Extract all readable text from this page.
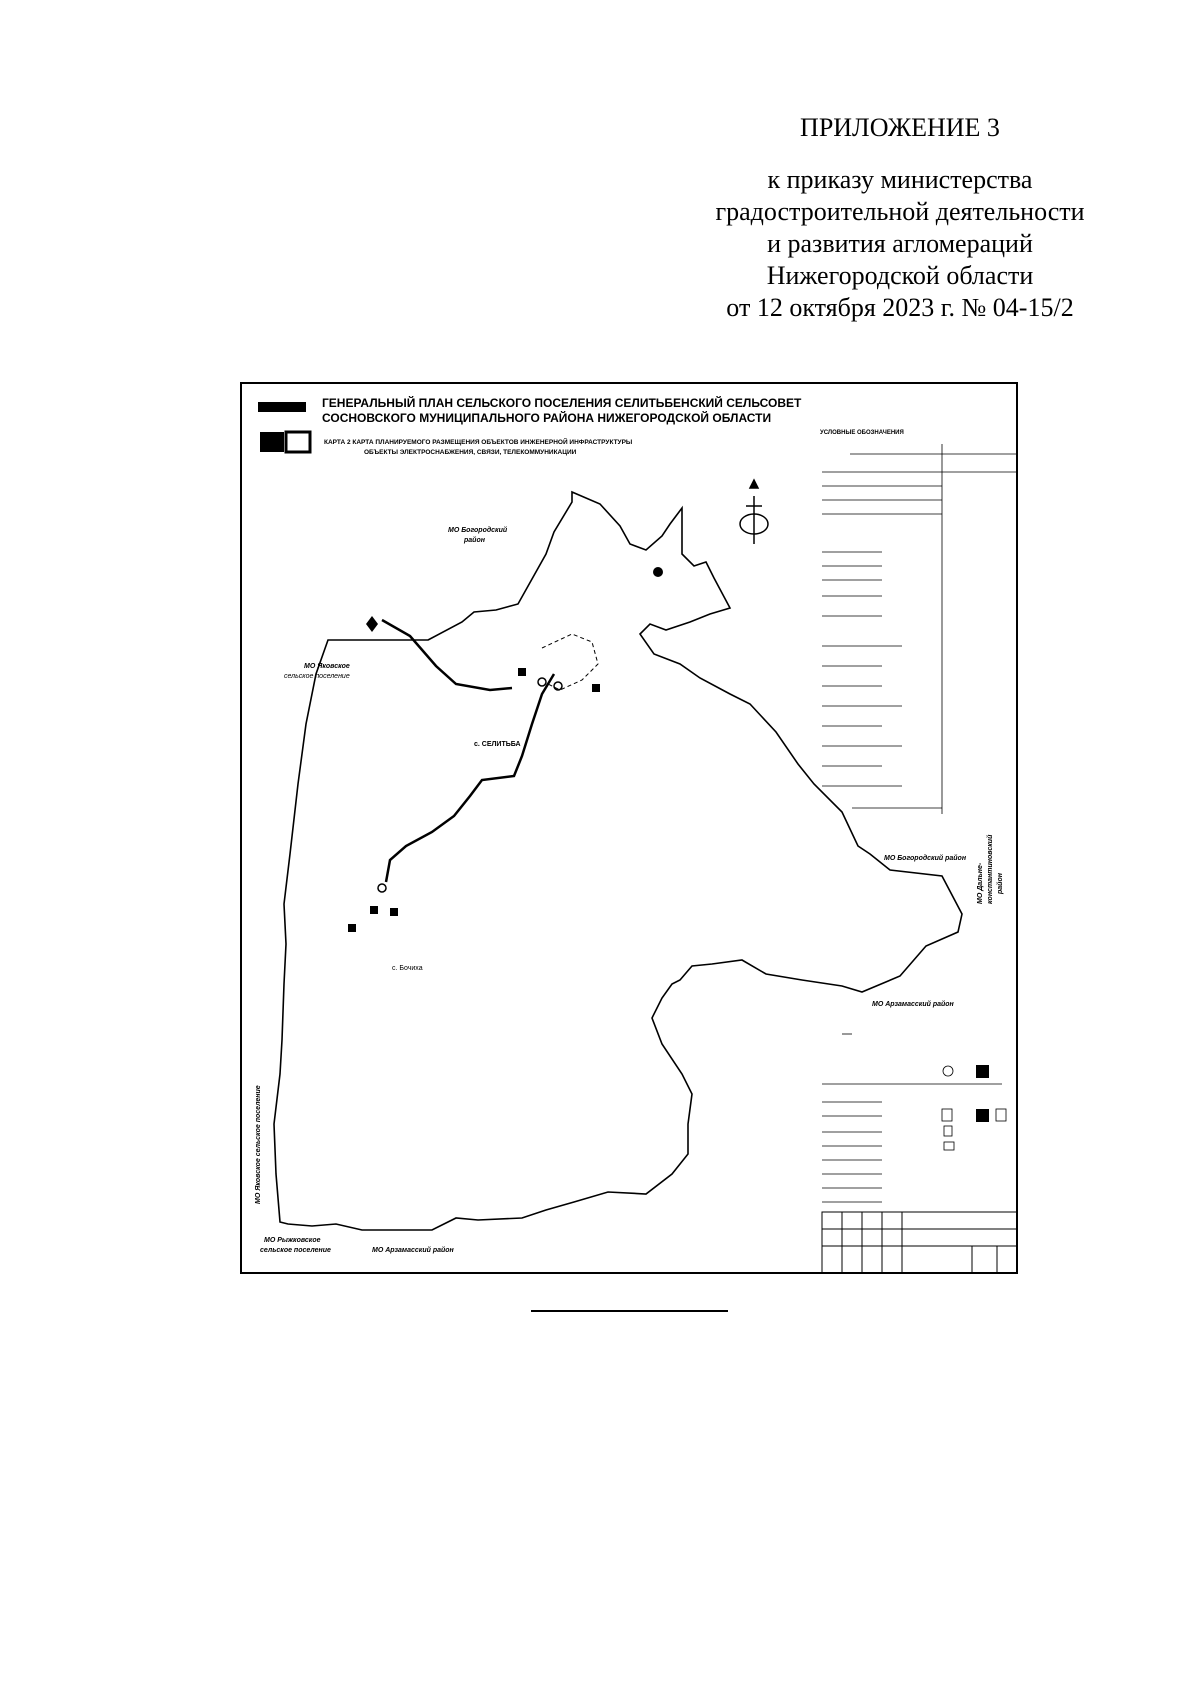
ПРИЛОЖЕНИЕ 3
к приказу министерства
градостроительной деятельности
и развития агломераций
Нижегородской области
от 12 октября 2023 г. № 04-15/2
ГЕНЕРАЛЬНЫЙ ПЛАН СЕЛЬСКОГО ПОСЕЛЕНИЯ СЕЛИТЬБЕНСКИЙ СЕЛЬСОВЕТ
СОСНОВСКОГО МУНИЦИПАЛЬНОГО РАЙОНА НИЖЕГОРОДСКОЙ ОБЛАСТИ
КАРТА 2 КАРТА ПЛАНИРУЕМОГО РАЗМЕЩЕНИЯ ОБЪЕКТОВ ИНЖЕНЕРНОЙ ИНФРАСТРУКТУРЫ
ОБЪЕКТЫ ЭЛЕКТРОСНАБЖЕНИЯ, СВЯЗИ, ТЕЛЕКОММУНИКАЦИИ
УСЛОВНЫЕ ОБОЗНАЧЕНИЯ
МО Богородский
район
МО Яковское
сельское поселение
с. СЕЛИТЬБА
МО Богородский район
МО Дальне- константиновский район
МО Арзамасский район
с. Бочиха
МО Яковское сельское поселение
МО Рыжковское
сельское поселение	МО Арзамасский район
